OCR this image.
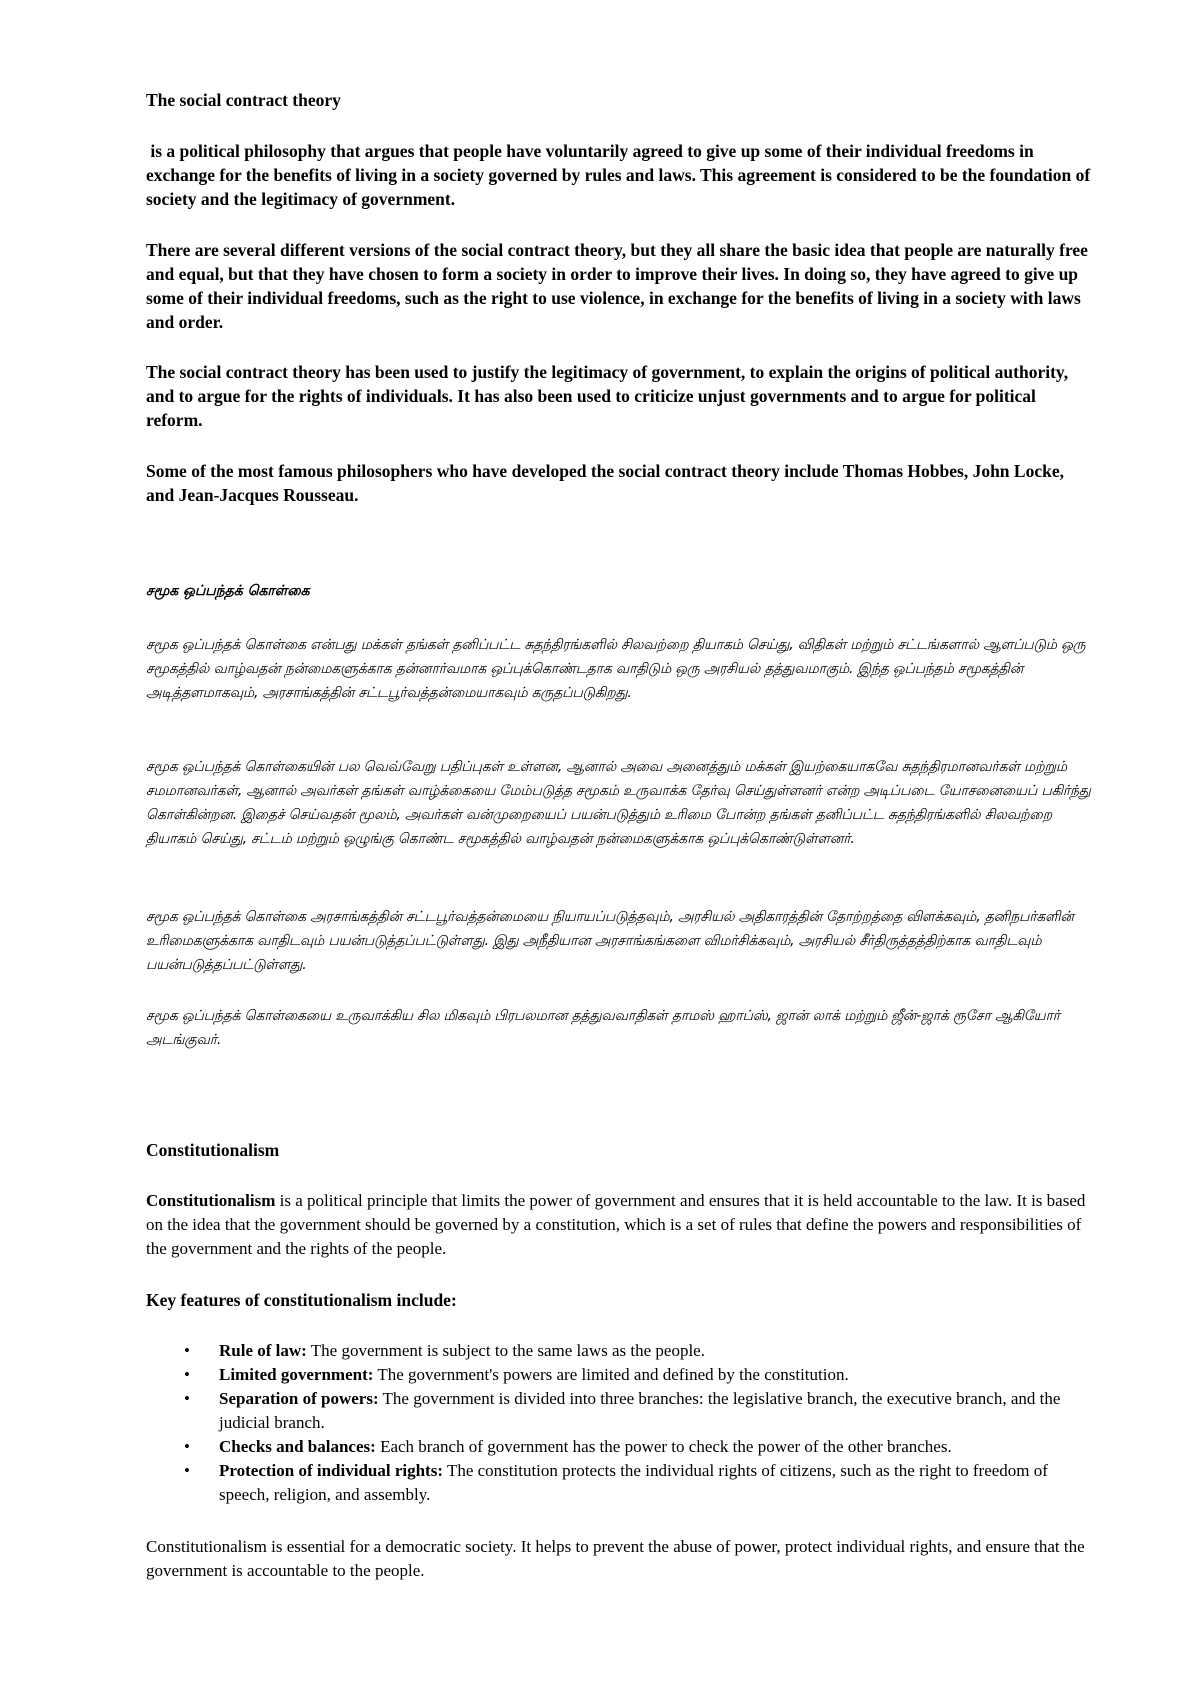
The social contract theory

is a political philosophy that argues that people have voluntarily agreed to give up some of their individual freedoms in exchange for the benefits of living in a society governed by rules and laws. This agreement is considered to be the foundation of society and the legitimacy of government.

There are several different versions of the social contract theory, but they all share the basic idea that people are naturally free and equal, but that they have chosen to form a society in order to improve their lives. In doing so, they have agreed to give up some of their individual freedoms, such as the right to use violence, in exchange for the benefits of living in a society with laws and order.

The social contract theory has been used to justify the legitimacy of government, to explain the origins of political authority, and to argue for the rights of individuals. It has also been used to criticize unjust governments and to argue for political reform.

Some of the most famous philosophers who have developed the social contract theory include Thomas Hobbes, John Locke, and Jean-Jacques Rousseau.

சமூக ஒப்பந்தக் கொள்கை

சமூக ஒப்பந்தக் கொள்கை என்பது மக்கள் தங்கள் தனிப்பட்ட சுதந்திரங்களில் சிலவற்றை தியாகம் செய்து, விதிகள் மற்றும் சட்டங்களால் ஆளப்படும் ஒரு சமூகத்தில் வாழ்வதன் நன்மைகளுக்காக தன்னார்வமாக ஒப்புக்கொண்டதாக வாதிடும் ஒரு அரசியல் தத்துவமாகும். இந்த ஒப்பந்தம் சமூகத்தின் அடித்தளமாகவும், அரசாங்கத்தின் சட்டபூர்வத்தன்மையாகவும் கருதப்படுகிறது.

சமூக ஒப்பந்தக் கொள்கையின் பல வெவ்வேறு பதிப்புகள் உள்ளன, ஆனால் அவை அனைத்தும் மக்கள் இயற்கையாகவே சுதந்திரமானவர்கள் மற்றும் சமமானவர்கள், ஆனால் அவர்கள் தங்கள் வாழ்க்கையை மேம்படுத்த சமூகம் உருவாக்க தேர்வு செய்துள்ளனர் என்ற அடிப்படை யோசனையைப் பகிர்ந்து கொள்கின்றன. இதைச் செய்வதன் மூலம், அவர்கள் வன்முறையைப் பயன்படுத்தும் உரிமை போன்ற தங்கள் தனிப்பட்ட சுதந்திரங்களில் சிலவற்றை தியாகம் செய்து, சட்டம் மற்றும் ஒழுங்கு கொண்ட சமூகத்தில் வாழ்வதன் நன்மைகளுக்காக ஒப்புக்கொண்டுள்ளனர்.

சமூக ஒப்பந்தக் கொள்கை அரசாங்கத்தின் சட்டபூர்வத்தன்மையை நியாயப்படுத்தவும், அரசியல் அதிகாரத்தின் தோற்றத்தை விளக்கவும், தனிநபர்களின் உரிமைகளுக்காக வாதிடவும் பயன்படுத்தப்பட்டுள்ளது. இது அநீதியான அரசாங்கங்களை விமர்சிக்கவும், அரசியல் சீர்திருத்தத்திற்காக வாதிடவும் பயன்படுத்தப்பட்டுள்ளது.

சமூக ஒப்பந்தக் கொள்கையை உருவாக்கிய சில மிகவும் பிரபலமான தத்துவவாதிகள் தாமஸ் ஹாப்ஸ், ஜான் லாக் மற்றும் ஜீன்-ஜாக் ரூசோ ஆகியோர் அடங்குவர்.

Constitutionalism

Constitutionalism is a political principle that limits the power of government and ensures that it is held accountable to the law. It is based on the idea that the government should be governed by a constitution, which is a set of rules that define the powers and responsibilities of the government and the rights of the people.

Key features of constitutionalism include:

• Rule of law: The government is subject to the same laws as the people.
• Limited government: The government's powers are limited and defined by the constitution.
• Separation of powers: The government is divided into three branches: the legislative branch, the executive branch, and the judicial branch.
• Checks and balances: Each branch of government has the power to check the power of the other branches.
• Protection of individual rights: The constitution protects the individual rights of citizens, such as the right to freedom of speech, religion, and assembly.

Constitutionalism is essential for a democratic society. It helps to prevent the abuse of power, protect individual rights, and ensure that the government is accountable to the people.
